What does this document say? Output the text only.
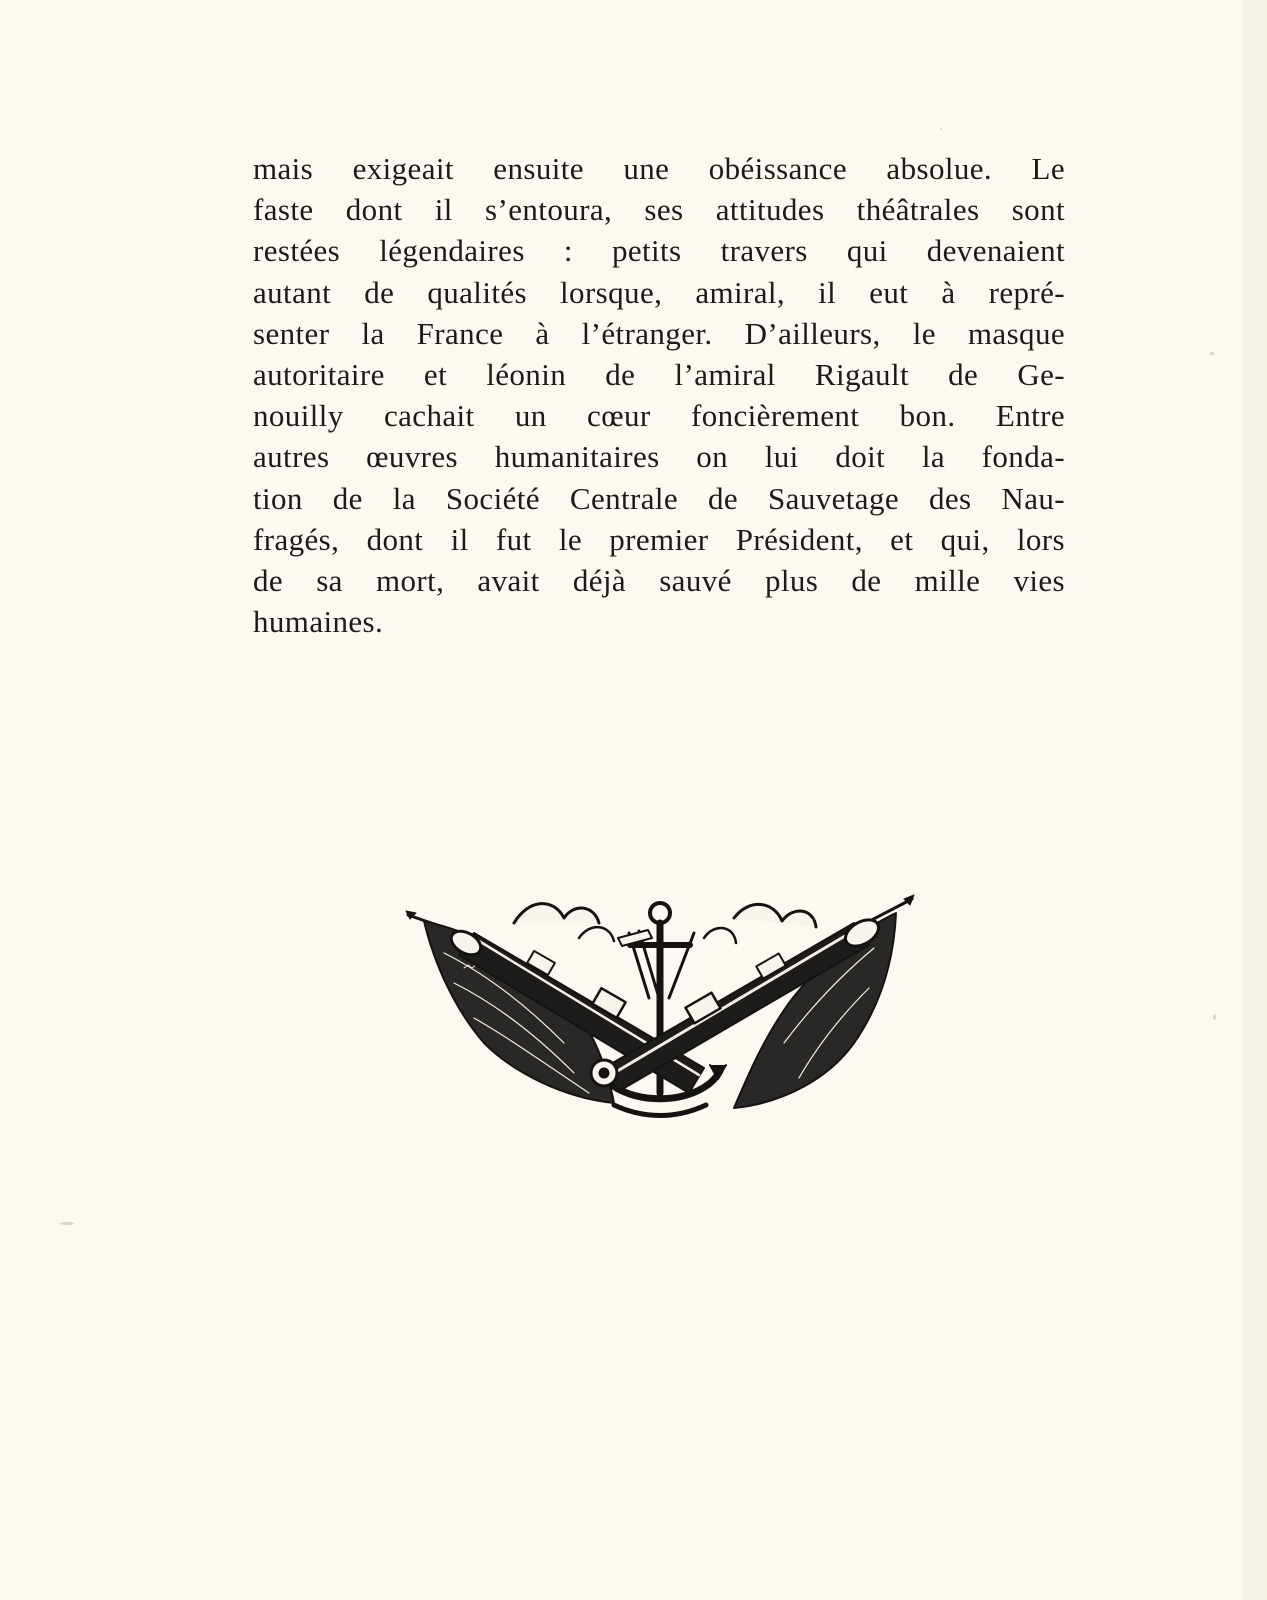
mais exigeait ensuite une obéissance absolue. Le
faste dont il s’entoura, ses attitudes théâtrales sont
restées légendaires : petits travers qui devenaient
autant de qualités lorsque, amiral, il eut à repré-
senter la France à l’étranger. D’ailleurs, le masque
autoritaire et léonin de l’amiral Rigault de Ge-
nouilly cachait un cœur foncièrement bon. Entre
autres œuvres humanitaires on lui doit la fonda-
tion de la Société Centrale de Sauvetage des Nau-
fragés, dont il fut le premier Président, et qui, lors
de sa mort, avait déjà sauvé plus de mille vies
humaines.
